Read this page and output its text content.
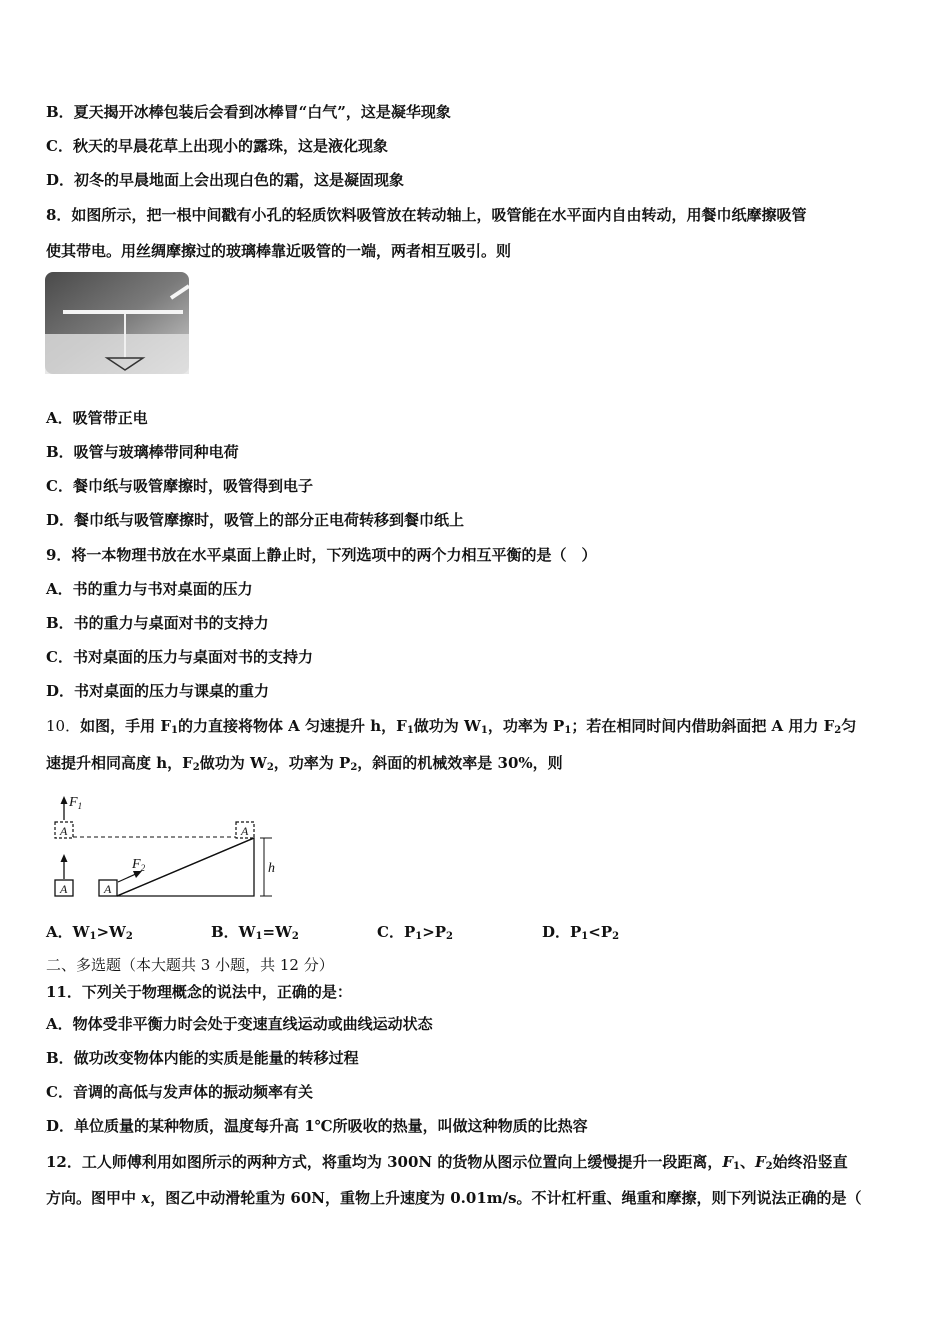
B．夏天揭开冰棒包装后会看到冰棒冒“白气”，这是凝华现象
C．秋天的早晨花草上出现小的露珠，这是液化现象
D．初冬的早晨地面上会出现白色的霜，这是凝固现象
8．如图所示，把一根中间戳有小孔的轻质饮料吸管放在转动轴上，吸管能在水平面内自由转动，用餐巾纸摩擦吸管
使其带电。用丝绸摩擦过的玻璃棒靠近吸管的一端，两者相互吸引。则
A．吸管带正电
B．吸管与玻璃棒带同种电荷
C．餐巾纸与吸管摩擦时，吸管得到电子
D．餐巾纸与吸管摩擦时，吸管上的部分正电荷转移到餐巾纸上
9．将一本物理书放在水平桌面上静止时，下列选项中的两个力相互平衡的是（　）
A．书的重力与书对桌面的压力
B．书的重力与桌面对书的支持力
C．书对桌面的压力与桌面对书的支持力
D．书对桌面的压力与课桌的重力
10．如图，手用 $F_1$的力直接将物体 A 匀速提升 h，$F_1$做功为 $W_1$，功率为 $P_1$；若在相同时间内借助斜面把 A 用力 $F_2$匀
速提升相同高度 h，$F_2$做功为 $W_2$，功率为 $P_2$，斜面的机械效率是 30%，则
$F_1$
A	A
A	A
$F_2$	h
A．$W_1>W_2$	B．$W_1=W_2$	C．$P_1>P_2$	D．$P_1<P_2$
二、多选题（本大题共 3 小题，共 12 分）
11．下列关于物理概念的说法中，正确的是：
A．物体受非平衡力时会处于变速直线运动或曲线运动状态
B．做功改变物体内能的实质是能量的转移过程
C．音调的高低与发声体的振动频率有关
D．单位质量的某种物质，温度每升高 1℃所吸收的热量，叫做这种物质的比热容
12．工人师傅利用如图所示的两种方式，将重均为 300N 的货物从图示位置向上缓慢提升一段距离，$F_1$、$F_2$始终沿竖直
方向。图甲中 x，图乙中动滑轮重为 60N，重物上升速度为 0.01m/s。不计杠杆重、绳重和摩擦，则下列说法正确的是（
